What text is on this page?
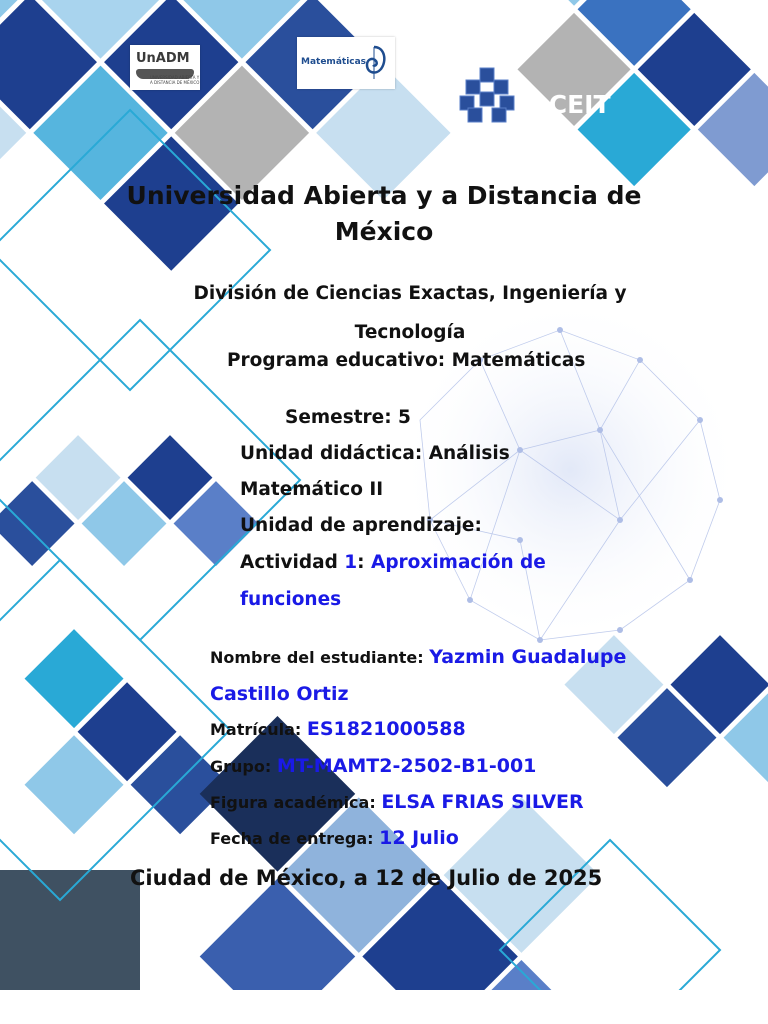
UnADM
UNIVERSIDAD ABIERTA Y A DISTANCIA DE MÉXICO
Matemáticas
DCEIT
Universidad Abierta y a Distancia de México
División de Ciencias Exactas, Ingeniería y
Tecnología
Programa educativo: Matemáticas
Semestre: 5
Unidad didáctica: Análisis
Matemático II
Unidad de aprendizaje:
Actividad 1: Aproximación de
funciones
Nombre del estudiante: Yazmin Guadalupe
Castillo Ortiz
Matrícula: ES1821000588
Grupo: MT-MAMT2-2502-B1-001
Figura académica: ELSA FRIAS SILVER
Fecha de entrega: 12 Julio
Ciudad de México, a 12 de Julio de 2025
